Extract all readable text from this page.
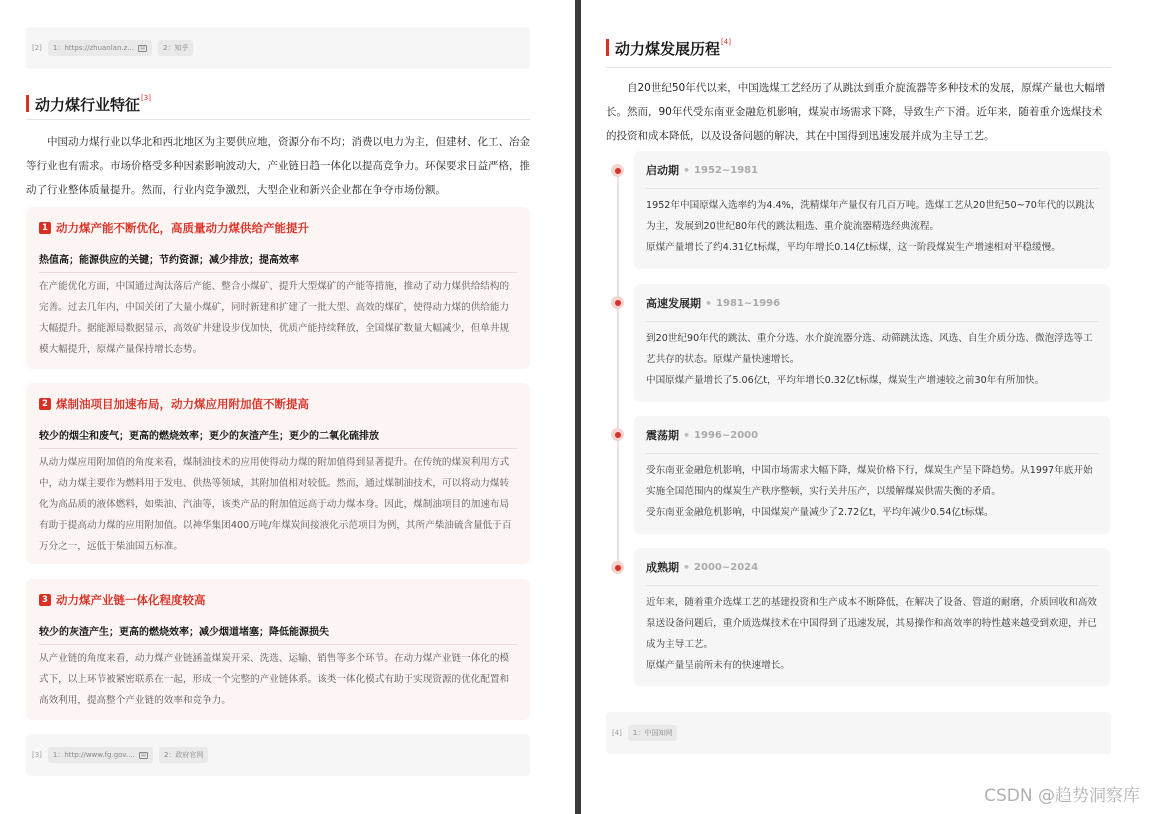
[2] 1：https://zhuanlan.z...	▤	2：知乎
动力煤行业特征[3]
中国动力煤行业以华北和西北地区为主要供应地，资源分布不均；消费以电力为主，但建材、化工、冶金等行业也有需求。市场价格受多种因素影响波动大，产业链日趋一体化以提高竞争力。环保要求日益严格，推动了行业整体质量提升。然而，行业内竞争激烈，大型企业和新兴企业都在争夺市场份额。
1 动力煤产能不断优化，高质量动力煤供给产能提升
热值高；能源供应的关键；节约资源；减少排放；提高效率
在产能优化方面，中国通过淘汰落后产能、整合小煤矿、提升大型煤矿的产能等措施，推动了动力煤供给结构的完善。过去几年内，中国关闭了大量小煤矿，同时新建和扩建了一批大型、高效的煤矿，使得动力煤的供给能力大幅提升。据能源局数据显示，高效矿井建设步伐加快，优质产能持续释放，全国煤矿数量大幅减少，但单井规模大幅提升，原煤产量保持增长态势。
2 煤制油项目加速布局，动力煤应用附加值不断提高
较少的烟尘和废气；更高的燃烧效率；更少的灰渣产生；更少的二氧化硫排放
从动力煤应用附加值的角度来看，煤制油技术的应用使得动力煤的附加值得到显著提升。在传统的煤炭利用方式中，动力煤主要作为燃料用于发电、供热等领域，其附加值相对较低。然而，通过煤制油技术，可以将动力煤转化为高品质的液体燃料，如柴油、汽油等，该类产品的附加值远高于动力煤本身。因此，煤制油项目的加速布局有助于提高动力煤的应用附加值。以神华集团400万吨/年煤炭间接液化示范项目为例，其所产柴油硫含量低于百万分之一，远低于柴油国五标准。
3 动力煤产业链一体化程度较高
较少的灰渣产生；更高的燃烧效率；减少烟道堵塞；降低能源损失
从产业链的角度来看，动力煤产业链涵盖煤炭开采、洗选、运输、销售等多个环节。在动力煤产业链一体化的模式下，以上环节被紧密联系在一起，形成一个完整的产业链体系。该类一体化模式有助于实现资源的优化配置和高效利用，提高整个产业链的效率和竞争力。
[3] 1：http://www.fg.gov....	▤	2：政府官网
动力煤发展历程[4]
自20世纪50年代以来，中国选煤工艺经历了从跳汰到重介旋流器等多种技术的发展，原煤产量也大幅增长。然而，90年代受东南亚金融危机影响，煤炭市场需求下降，导致生产下滑。近年来，随着重介选煤技术的投资和成本降低，以及设备问题的解决，其在中国得到迅速发展并成为主导工艺。
启动期 • 1952~1981
1952年中国原煤入选率约为4.4%，洗精煤年产量仅有几百万吨。选煤工艺从20世纪50~70年代的以跳汰为主，发展到20世纪80年代的跳汰粗选、重介旋流器精选经典流程。
原煤产量增长了约4.31亿t标煤，平均年增长0.14亿t标煤，这一阶段煤炭生产增速相对平稳缓慢。
高速发展期 • 1981~1996
到20世纪90年代的跳汰、重介分选、水介旋流器分选、动筛跳汰选、风选、自生介质分选、微泡浮选等工艺共存的状态。原煤产量快速增长。
中国原煤产量增长了5.06亿t，平均年增长0.32亿t标煤，煤炭生产增速较之前30年有所加快。
震荡期 • 1996~2000
受东南亚金融危机影响，中国市场需求大幅下降，煤炭价格下行，煤炭生产呈下降趋势。从1997年底开始实施全国范围内的煤炭生产秩序整顿，实行关井压产，以缓解煤炭供需失衡的矛盾。
受东南亚金融危机影响，中国煤炭产量减少了2.72亿t，平均年减少0.54亿t标煤。
成熟期 • 2000~2024
近年来，随着重介选煤工艺的基建投资和生产成本不断降低，在解决了设备、管道的耐磨，介质回收和高效泵送设备问题后，重介质选煤技术在中国得到了迅速发展，其易操作和高效率的特性越来越受到欢迎，并已成为主导工艺。
原煤产量呈前所未有的快速增长。
[4] 1：中国知网
CSDN @趋势洞察库
